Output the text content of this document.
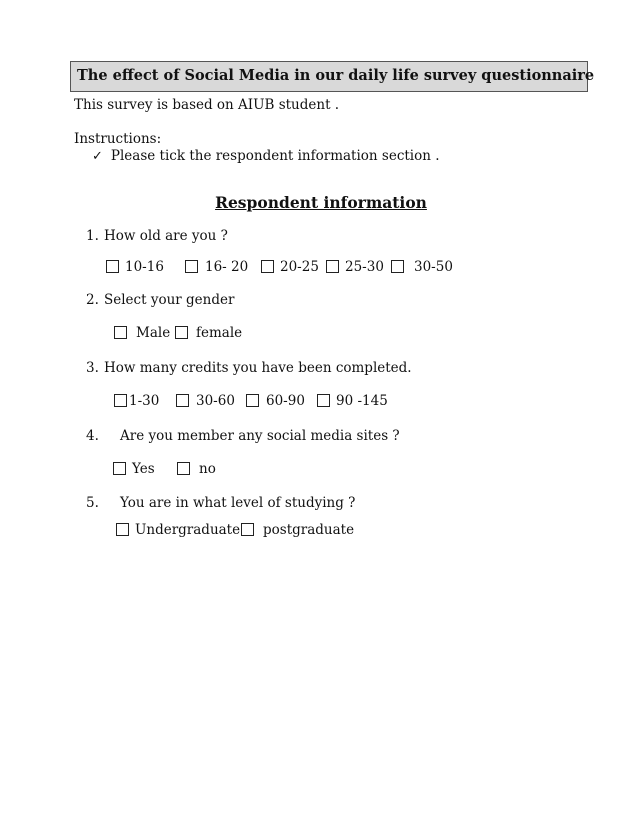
The effect of Social Media in our daily life survey questionnaire
This survey is based on AIUB student .
Instructions:
✓ Please tick the respondent information section .
Respondent information
1. How old are you ?
10-16	16- 20 20-25 25-30 30-50
2. Select your gender
Male female
3. How many credits you have been completed.
1-30	30-60 60-90 90 -145
4. Are you member any social media sites ?
Yes	no
5. You are in what level of studying ?
Undergraduate postgraduate
